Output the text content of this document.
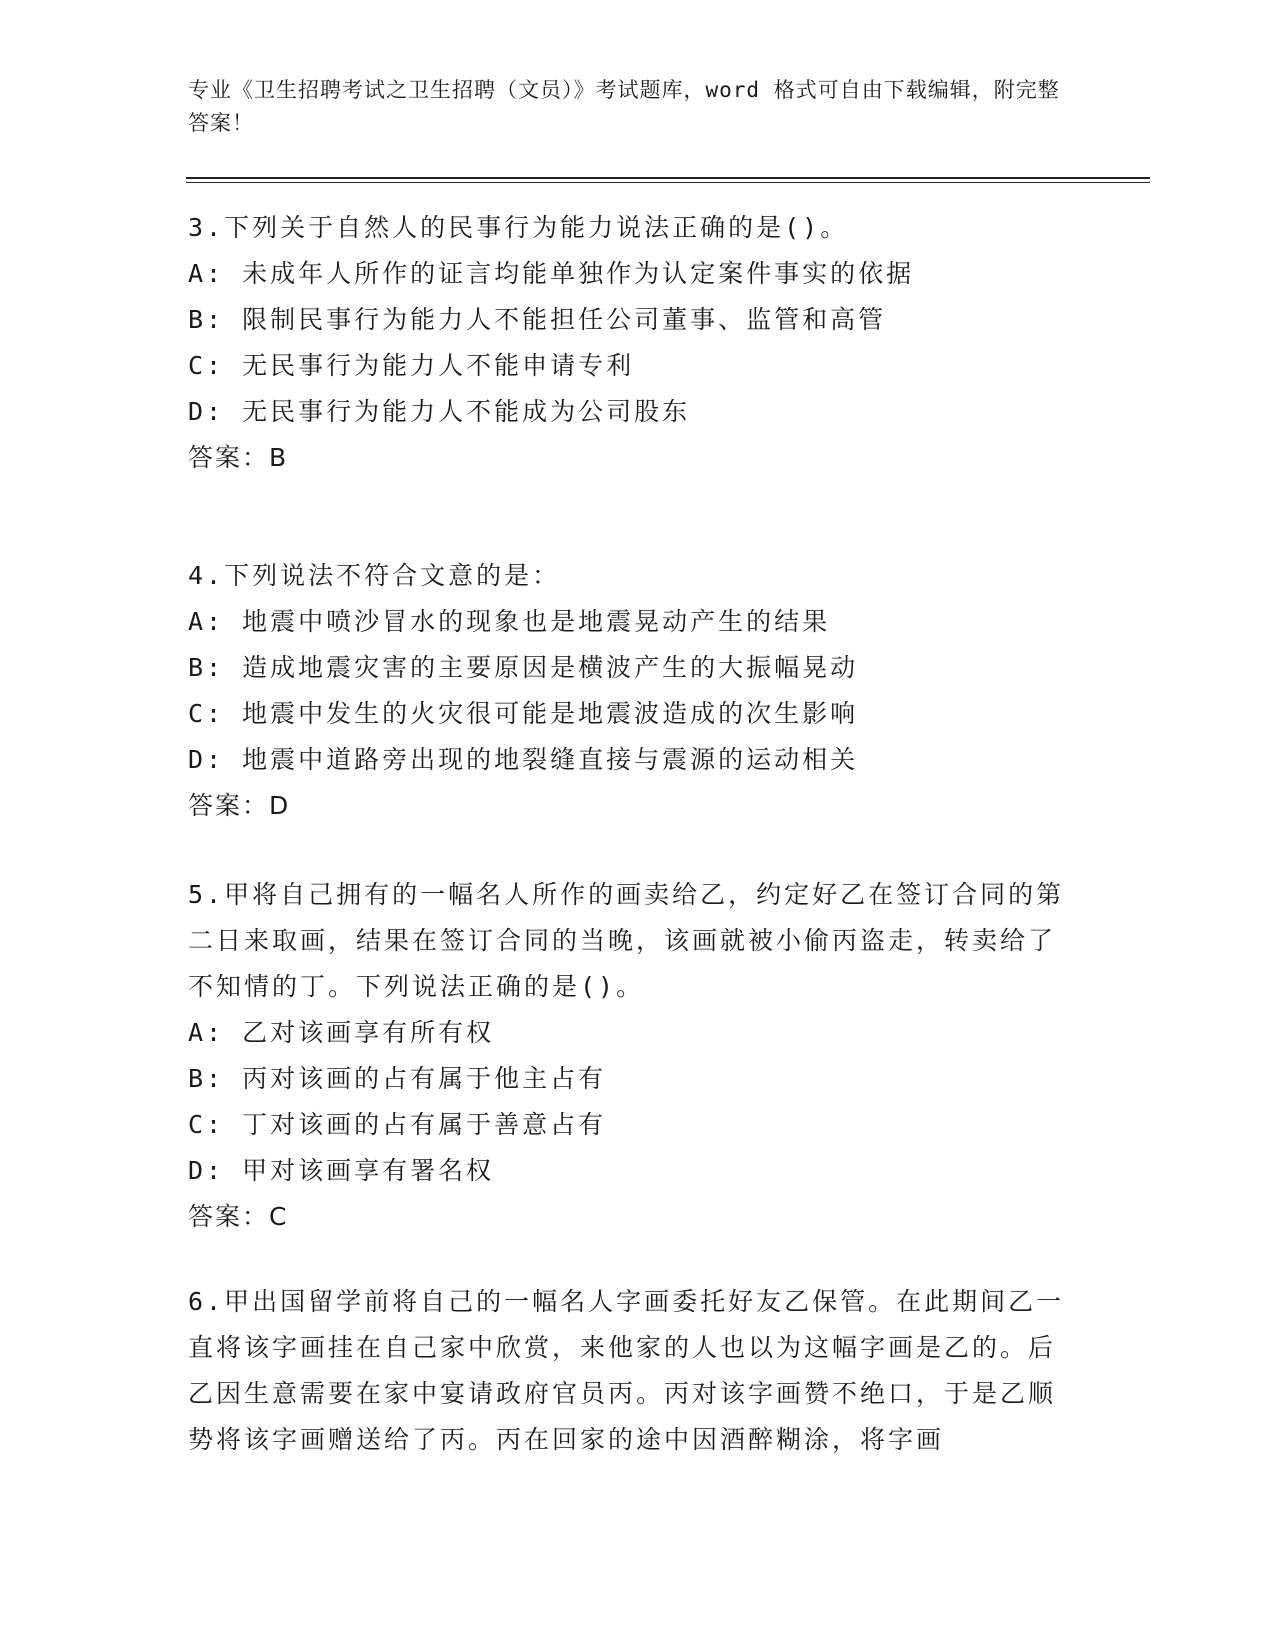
专业《卫生招聘考试之卫生招聘（文员）》考试题库，word 格式可自由下载编辑，附完整答案！
3.下列关于自然人的民事行为能力说法正确的是()。
A: 未成年人所作的证言均能单独作为认定案件事实的依据
B: 限制民事行为能力人不能担任公司董事、监管和高管
C: 无民事行为能力人不能申请专利
D: 无民事行为能力人不能成为公司股东
答案：B
4.下列说法不符合文意的是：
A: 地震中喷沙冒水的现象也是地震晃动产生的结果
B: 造成地震灾害的主要原因是横波产生的大振幅晃动
C: 地震中发生的火灾很可能是地震波造成的次生影响
D: 地震中道路旁出现的地裂缝直接与震源的运动相关
答案：D
5.甲将自己拥有的一幅名人所作的画卖给乙，约定好乙在签订合同的第二日来取画，结果在签订合同的当晚，该画就被小偷丙盗走，转卖给了不知情的丁。下列说法正确的是()。
A: 乙对该画享有所有权
B: 丙对该画的占有属于他主占有
C: 丁对该画的占有属于善意占有
D: 甲对该画享有署名权
答案：C
6.甲出国留学前将自己的一幅名人字画委托好友乙保管。在此期间乙一直将该字画挂在自己家中欣赏，来他家的人也以为这幅字画是乙的。后乙因生意需要在家中宴请政府官员丙。丙对该字画赞不绝口，于是乙顺势将该字画赠送给了丙。丙在回家的途中因酒醉糊涂，将字画
